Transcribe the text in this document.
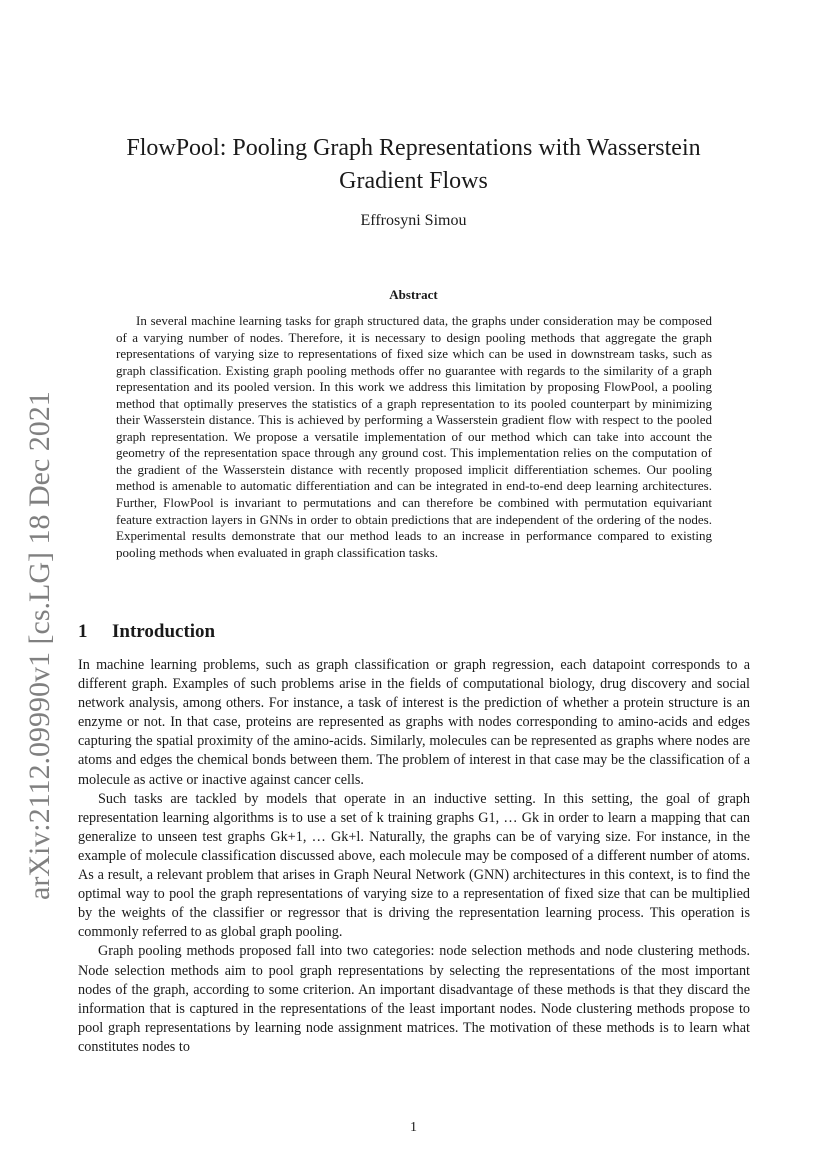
arXiv:2112.09990v1 [cs.LG] 18 Dec 2021
FlowPool: Pooling Graph Representations with Wasserstein Gradient Flows
Effrosyni Simou
Abstract

In several machine learning tasks for graph structured data, the graphs under consideration may be composed of a varying number of nodes. Therefore, it is necessary to design pooling methods that aggregate the graph representations of varying size to representations of fixed size which can be used in downstream tasks, such as graph classification. Existing graph pooling methods offer no guarantee with regards to the similarity of a graph representation and its pooled version. In this work we address this limitation by proposing FlowPool, a pooling method that optimally preserves the statistics of a graph representation to its pooled counterpart by minimizing their Wasserstein distance. This is achieved by performing a Wasserstein gradient flow with respect to the pooled graph representation. We propose a versatile implementation of our method which can take into account the geometry of the representation space through any ground cost. This implementation relies on the computation of the gradient of the Wasserstein distance with recently proposed implicit differentiation schemes. Our pooling method is amenable to automatic differentiation and can be integrated in end-to-end deep learning architectures. Further, FlowPool is invariant to permutations and can therefore be combined with permutation equivariant feature extraction layers in GNNs in order to obtain predictions that are independent of the ordering of the nodes. Experimental results demonstrate that our method leads to an increase in performance compared to existing pooling methods when evaluated in graph classification tasks.

1 Introduction

In machine learning problems, such as graph classification or graph regression, each datapoint corresponds to a different graph. Examples of such problems arise in the fields of computational biology, drug discovery and social network analysis, among others. For instance, a task of interest is the prediction of whether a protein structure is an enzyme or not. In that case, proteins are represented as graphs with nodes corresponding to amino-acids and edges capturing the spatial proximity of the amino-acids. Similarly, molecules can be represented as graphs where nodes are atoms and edges the chemical bonds between them. The problem of interest in that case may be the classification of a molecule as active or inactive against cancer cells.

Such tasks are tackled by models that operate in an inductive setting. In this setting, the goal of graph representation learning algorithms is to use a set of k training graphs G1, … Gk in order to learn a mapping that can generalize to unseen test graphs Gk+1, … Gk+l. Naturally, the graphs can be of varying size. For instance, in the example of molecule classification discussed above, each molecule may be composed of a different number of atoms. As a result, a relevant problem that arises in Graph Neural Network (GNN) architectures in this context, is to find the optimal way to pool the graph representations of varying size to a representation of fixed size that can be multiplied by the weights of the classifier or regressor that is driving the representation learning process. This operation is commonly referred to as global graph pooling.

Graph pooling methods proposed fall into two categories: node selection methods and node clustering methods. Node selection methods aim to pool graph representations by selecting the representations of the most important nodes of the graph, according to some criterion. An important disadvantage of these methods is that they discard the information that is captured in the representations of the least important nodes. Node clustering methods propose to pool graph representations by learning node assignment matrices. The motivation of these methods is to learn what constitutes nodes to

1
